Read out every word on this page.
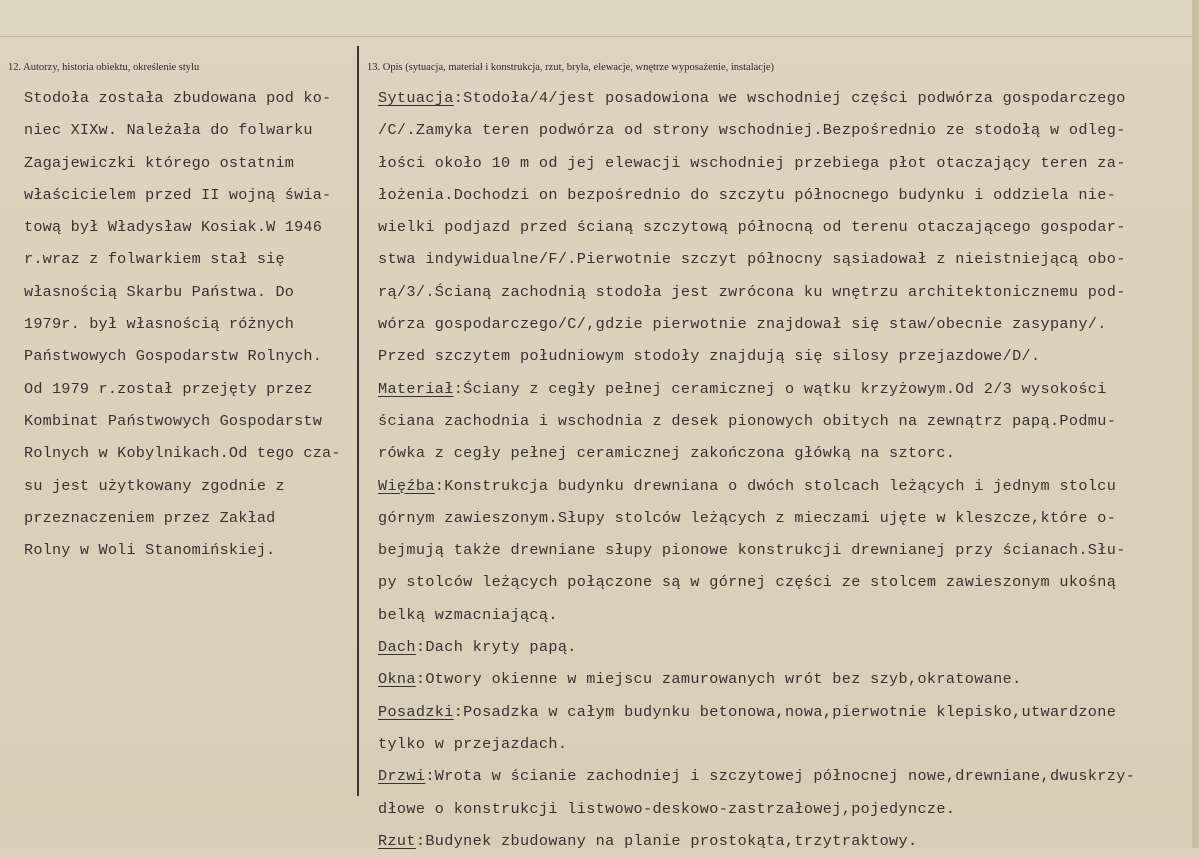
12. Autorzy, historia obiektu, określenie stylu	13. Opis (sytuacja, materiał i konstrukcja, rzut, bryła, elewacje, wnętrze wyposażenie, instalacje)
Stodoła została zbudowana pod ko-
niec XIXw. Należała do folwarku
Zagajewiczki którego ostatnim
właścicielem przed II wojną świa-
tową był Władysław Kosiak.W 1946
r.wraz z folwarkiem stał się
własnością Skarbu Państwa. Do
1979r. był własnością różnych
Państwowych Gospodarstw Rolnych.
Od 1979 r.został przejęty przez
Kombinat Państwowych Gospodarstw
Rolnych w Kobylnikach.Od tego cza-
su jest użytkowany zgodnie z
przeznaczeniem przez Zakład
Rolny w Woli Stanomińskiej.
Sytuacja:Stodoła/4/jest posadowiona we wschodniej części podwórza gospodarczego
/C/.Zamyka teren podwórza od strony wschodniej.Bezpośrednio ze stodołą w odleg-
łości około 10 m od jej elewacji wschodniej przebiega płot otaczający teren za-
łożenia.Dochodzi on bezpośrednio do szczytu północnego budynku i oddziela nie-
wielki podjazd przed ścianą szczytową północną od terenu otaczającego gospodar-
stwa indywidualne/F/.Pierwotnie szczyt północny sąsiadował z nieistniejącą obo-
rą/3/.Ścianą zachodnią stodoła jest zwrócona ku wnętrzu architektonicznemu pod-
wórza gospodarczego/C/,gdzie pierwotnie znajdował się staw/obecnie zasypany/.
Przed szczytem południowym stodoły znajdują się silosy przejazdowe/D/.
Materiał:Ściany z cegły pełnej ceramicznej o wątku krzyżowym.Od 2/3 wysokości
ściana zachodnia i wschodnia z desek pionowych obitych na zewnątrz papą.Podmu-
rówka z cegły pełnej ceramicznej zakończona główką na sztorc.
Więźba:Konstrukcja budynku drewniana o dwóch stolcach leżących i jednym stolcu
górnym zawieszonym.Słupy stolców leżących z mieczami ujęte w kleszcze,które o-
bejmują także drewniane słupy pionowe konstrukcji drewnianej przy ścianach.Słu-
py stolców leżących połączone są w górnej części ze stolcem zawieszonym ukośną
belką wzmacniającą.
Dach:Dach kryty papą.
Okna:Otwory okienne w miejscu zamurowanych wrót bez szyb,okratowane.
Posadzki:Posadzka w całym budynku betonowa,nowa,pierwotnie klepisko,utwardzone
tylko w przejazdach.
Drzwi:Wrota w ścianie zachodniej i szczytowej północnej nowe,drewniane,dwuskrzy-
dłowe o konstrukcji listwowo-deskowo-zastrzałowej,pojedyncze.
Rzut:Budynek zbudowany na planie prostokąta,trzytraktowy.
